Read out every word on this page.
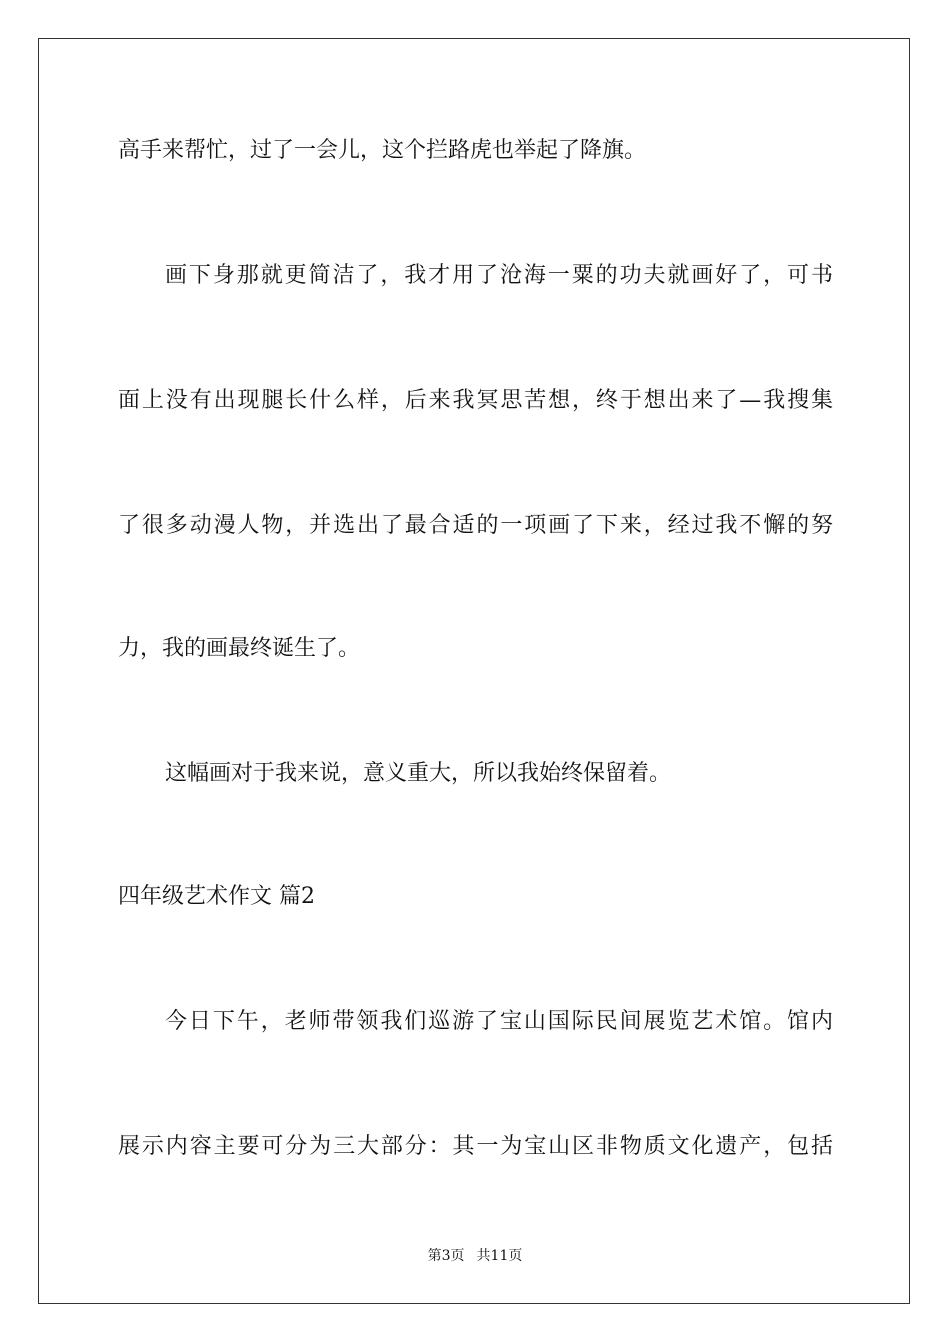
高手来帮忙，过了一会儿，这个拦路虎也举起了降旗。

画下身那就更简洁了，我才用了沧海一粟的功夫就画好了，可书

面上没有出现腿长什么样，后来我冥思苦想，终于想出来了—我搜集

了很多动漫人物，并选出了最合适的一项画了下来，经过我不懈的努

力，我的画最终诞生了。

这幅画对于我来说，意义重大，所以我始终保留着。

四年级艺术作文 篇2

今日下午，老师带领我们巡游了宝山国际民间展览艺术馆。馆内

展示内容主要可分为三大部分：其一为宝山区非物质文化遗产，包括

第3页 共11页
